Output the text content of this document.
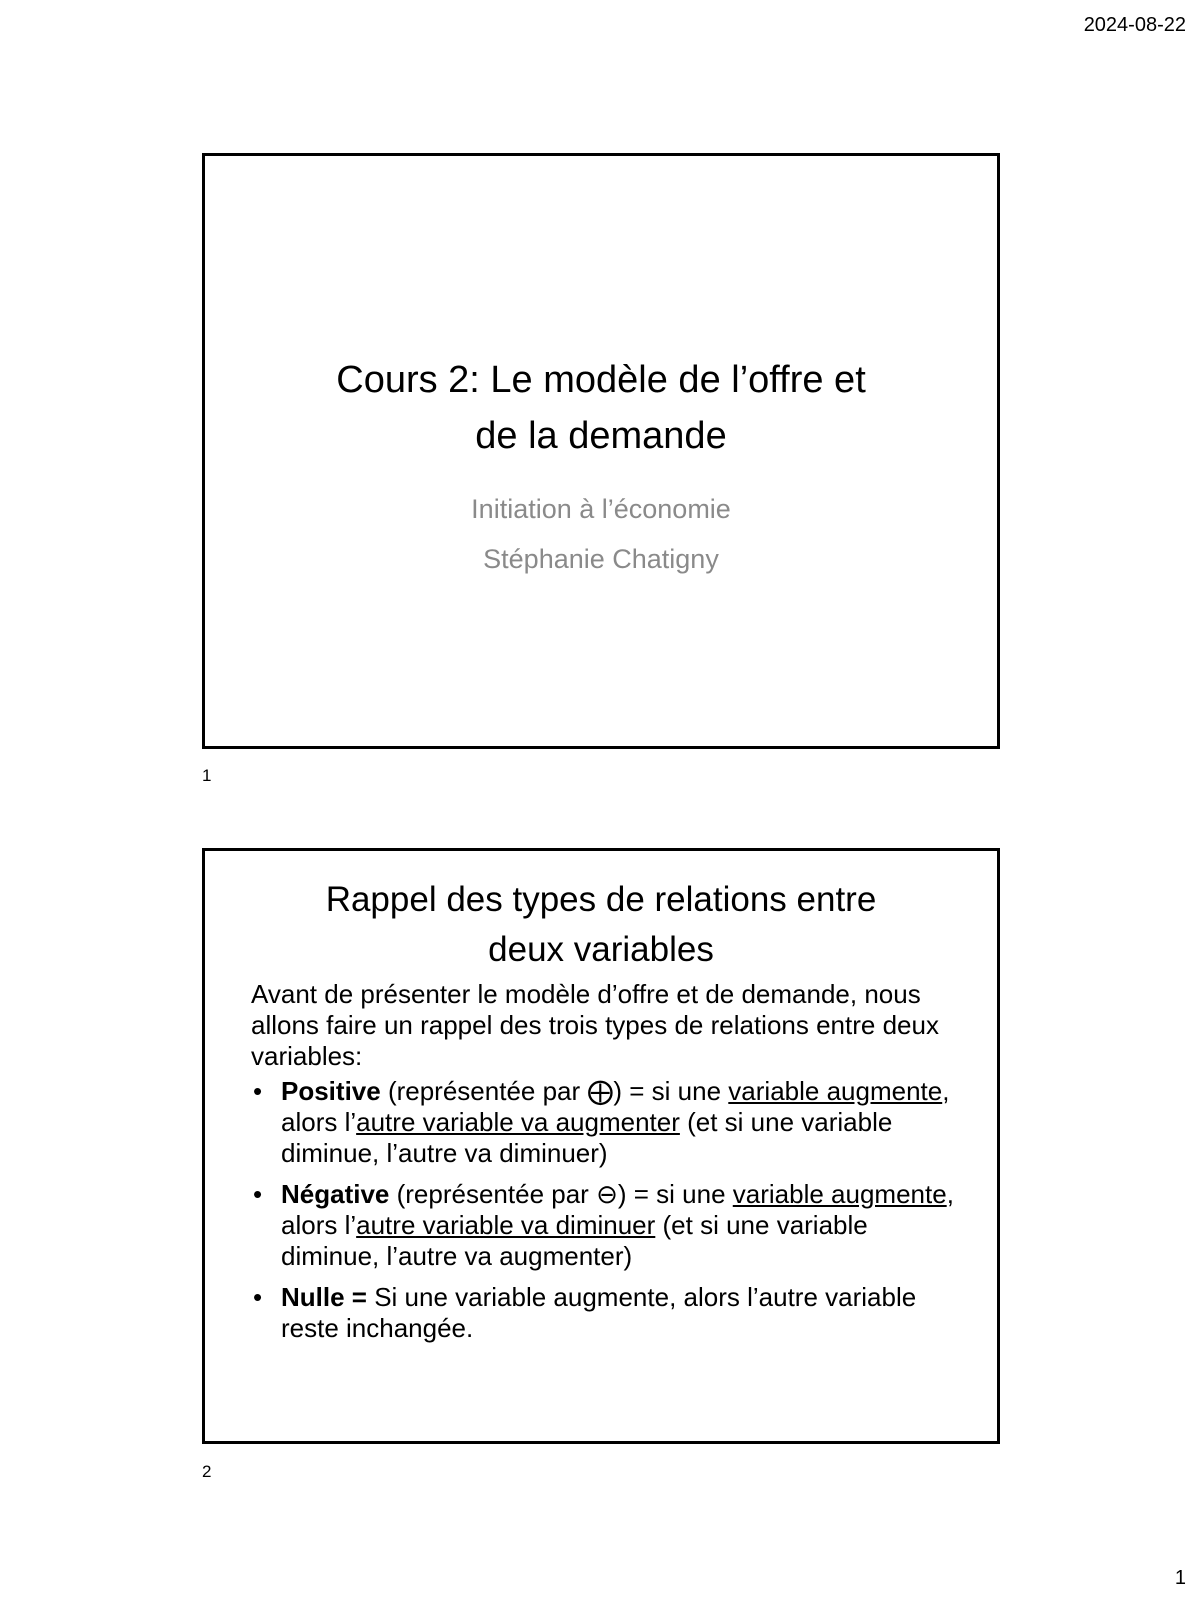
2024-08-22
Cours 2: Le modèle de l’offre et
de la demande

Initiation à l’économie

Stéphanie Chatigny

1
Rappel des types de relations entre
deux variables

Avant de présenter le modèle d’offre et de demande, nous allons faire un rappel des trois types de relations entre deux variables:

• Positive (représentée par ⨁) = si une variable augmente, alors l’autre variable va augmenter (et si une variable diminue, l’autre va diminuer)
• Négative (représentée par ⊖) = si une variable augmente, alors l’autre variable va diminuer (et si une variable diminue, l’autre va augmenter)
• Nulle = Si une variable augmente, alors l’autre variable reste inchangée.
2
1
